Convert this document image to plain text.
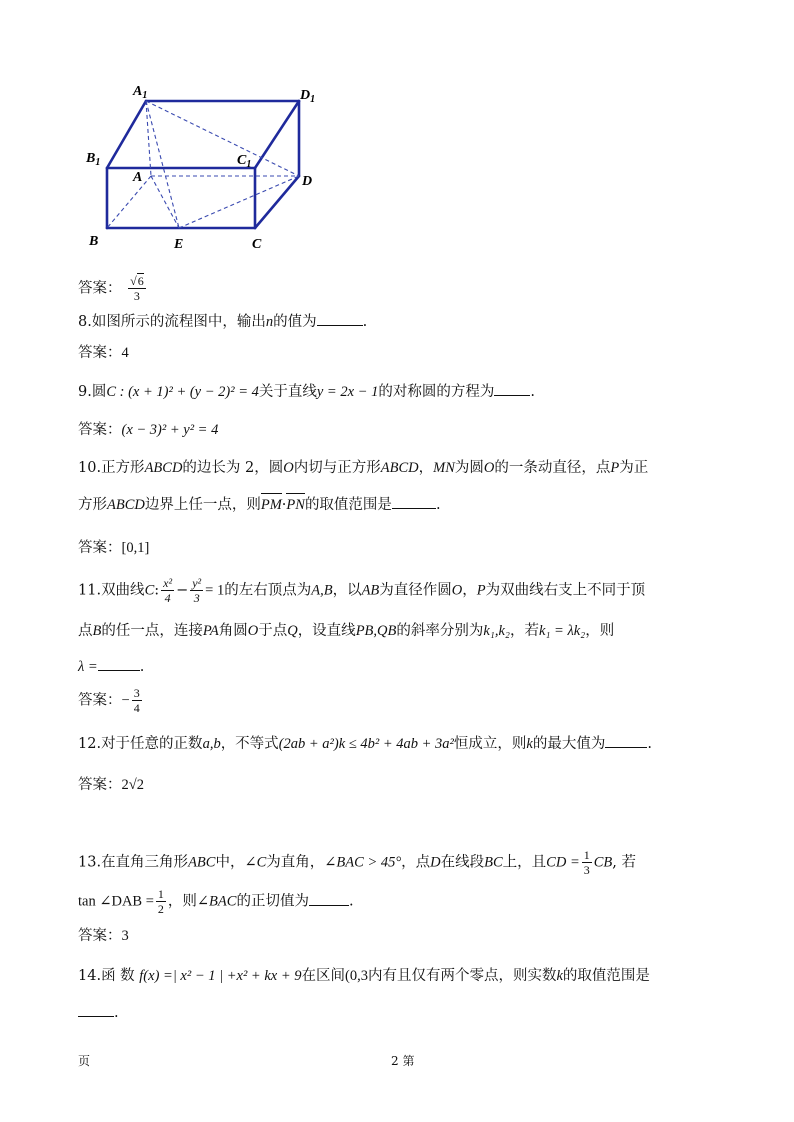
$A_1$	$D_1$
$B_1$	$C_1$
A	D
B	E	C
答案： $\frac{√6}{3}$
8.如图所示的流程图中，输出n的值为	.
答案：4
9.圆C : (x + 1)² + (y − 2)² = 4关于直线y = 2x − 1的对称圆的方程为 .
答案：(x − 3)² + y² = 4
10.正方形ABCD的边长为 2，圆O内切与正方形ABCD，MN为圆O的一条动直径，点P为正
方形ABCD边界上任一点，则PM·PN的取值范围是	.
答案：[0,1]
11.双曲线C: $\frac{\text{x²}}{4} - \frac{\text{y²}}{3} = 1$的左右顶点为A,B，以AB为直径作圆O，P为双曲线右支上不同于顶
点B的任一点，连接PA角圆O于点Q，设直线PB,QB的斜率分别为k₁,k₂，若k₁ = λk₂，则
λ =	.
答案：− $\frac{3}{4}$
12.对于任意的正数a,b，不等式(2ab + a²)k ≤ 4b² + 4ab + 3a²恒成立，则k的最大值为	.
答案：2√2
13.在直角三角形ABC中，∠C为直角，∠BAC > 45°，点D在线段BC上，且CD = $\frac{1}{3}$ CB, 若
tan ∠DAB = $\frac{1}{2}$ ，则∠BAC的正切值为	.
答案：3
14.函 数 f(x) =| x² − 1 | +x² + kx + 9在区间(0,3内有且仅有两个零点，则实数k的取值范围是
.
页	2 第
